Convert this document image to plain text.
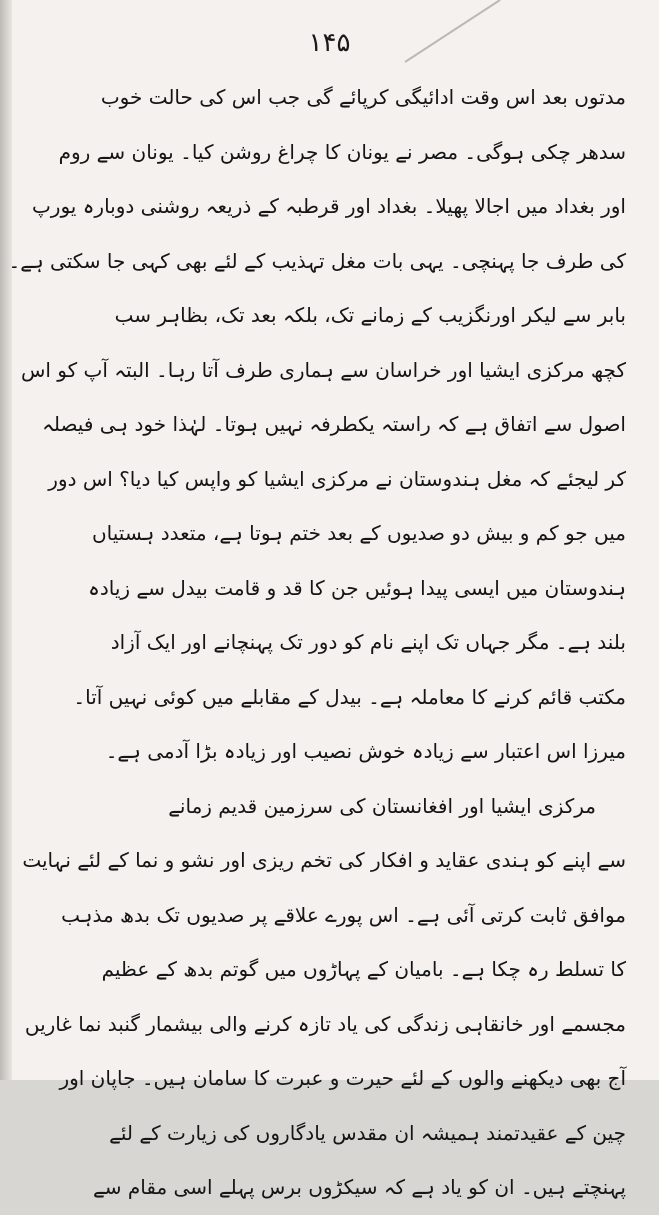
۱۴۵
مدتوں بعد اس وقت ادائیگی کرپائے گی جب اس کی حالت خوب
سدھر چکی ہوگی۔ مصر نے یونان کا چراغ روشن کیا۔ یونان سے روم
اور بغداد میں اجالا پھیلا۔ بغداد اور قرطبہ کے ذریعہ روشنی دوبارہ یورپ
کی طرف جا پہنچی۔ یہی بات مغل تہذیب کے لئے بھی کہی جا سکتی ہے۔
بابر سے لیکر اورنگزیب کے زمانے تک، بلکہ بعد تک، بظاہر سب
کچھ مرکزی ایشیا اور خراسان سے ہماری طرف آتا رہا۔ البتہ آپ کو اس
اصول سے اتفاق ہے کہ راستہ یکطرفہ نہیں ہوتا۔ لہٰذا خود ہی فیصلہ
کر لیجئے کہ مغل ہندوستان نے مرکزی ایشیا کو واپس کیا دیا؟ اس دور
میں جو کم و بیش دو صدیوں کے بعد ختم ہوتا ہے، متعدد ہستیاں
ہندوستان میں ایسی پیدا ہوئیں جن کا قد و قامت بیدل سے زیادہ
بلند ہے۔ مگر جہاں تک اپنے نام کو دور تک پہنچانے اور ایک آزاد
مکتب قائم کرنے کا معاملہ ہے۔ بیدل کے مقابلے میں کوئی نہیں آتا۔
میرزا اس اعتبار سے زیادہ خوش نصیب اور زیادہ بڑا آدمی ہے۔
مرکزی ایشیا اور افغانستان کی سرزمین قدیم زمانے
سے اپنے کو ہندی عقاید و افکار کی تخم ریزی اور نشو و نما کے لئے نہایت
موافق ثابت کرتی آئی ہے۔ اس پورے علاقے پر صدیوں تک بدھ مذہب
کا تسلط رہ چکا ہے۔ بامیان کے پہاڑوں میں گوتم بدھ کے عظیم
مجسمے اور خانقاہی زندگی کی یاد تازہ کرنے والی بیشمار گنبد نما غاریں
آج بھی دیکھنے والوں کے لئے حیرت و عبرت کا سامان ہیں۔ جاپان اور
چین کے عقیدتمند ہمیشہ ان مقدس یادگاروں کی زیارت کے لئے
پہنچتے ہیں۔ ان کو یاد ہے کہ سیکڑوں برس پہلے اسی مقام سے
